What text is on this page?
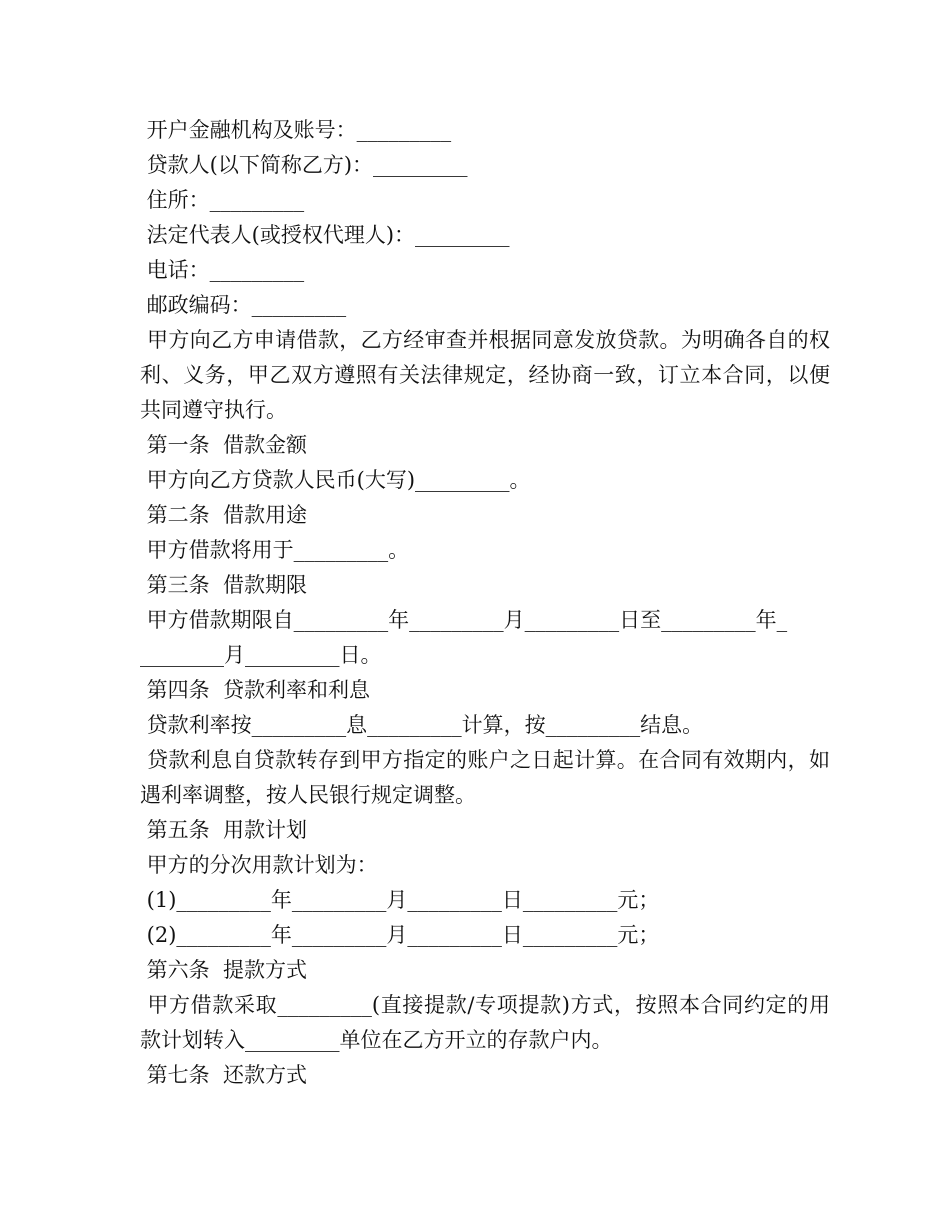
开户金融机构及账号：_________
贷款人(以下简称乙方)：_________
住所：_________
法定代表人(或授权代理人)：_________
电话：_________
邮政编码：_________
甲方向乙方申请借款，乙方经审查并根据同意发放贷款。为明确各自的权利、义务，甲乙双方遵照有关法律规定，经协商一致，订立本合同，以便共同遵守执行。
第一条  借款金额
甲方向乙方贷款人民币(大写)_________。
第二条  借款用途
甲方借款将用于_________。
第三条  借款期限
甲方借款期限自_________年_________月_________日至_________年_
________月_________日。
第四条  贷款利率和利息
贷款利率按_________息_________计算，按_________结息。
贷款利息自贷款转存到甲方指定的账户之日起计算。在合同有效期内，如遇利率调整，按人民银行规定调整。
第五条  用款计划
甲方的分次用款计划为：
(1)_________年_________月_________日_________元；
(2)_________年_________月_________日_________元；
第六条  提款方式
甲方借款采取_________(直接提款/专项提款)方式，按照本合同约定的用款计划转入_________单位在乙方开立的存款户内。
第七条  还款方式
